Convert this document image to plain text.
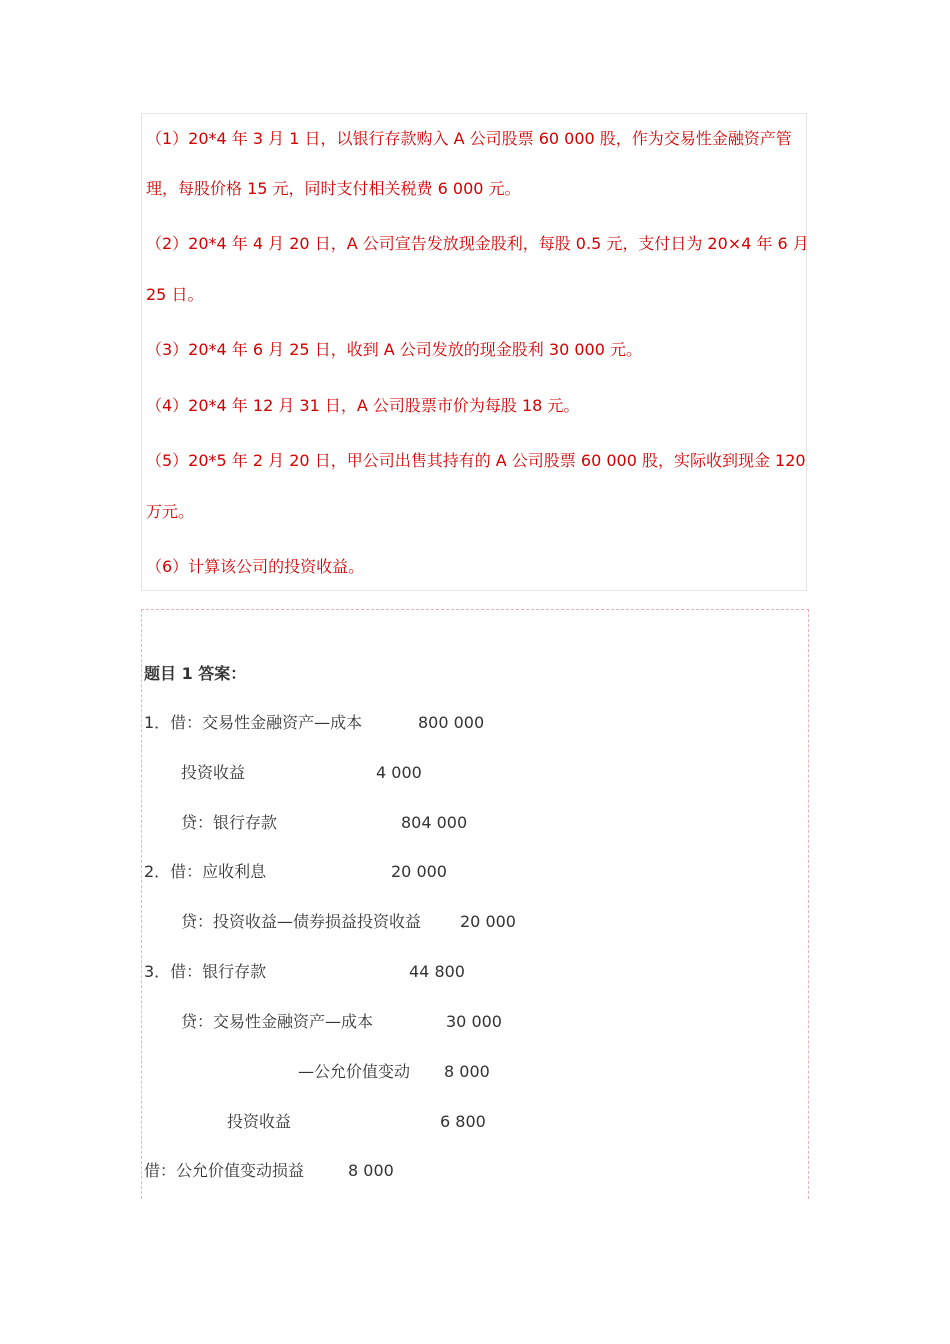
（1）20*4 年 3 月 1 日，以银行存款购入 A 公司股票 60 000 股，作为交易性金融资产管
理，每股价格 15 元，同时支付相关税费 6 000 元。
（2）20*4 年 4 月 20 日，A 公司宣告发放现金股利，每股 0.5 元，支付日为 20×4 年 6 月
25 日。
（3）20*4 年 6 月 25 日，收到 A 公司发放的现金股利 30 000 元。
（4）20*4 年 12 月 31 日，A 公司股票市价为每股 18 元。
（5）20*5 年 2 月 20 日，甲公司出售其持有的 A 公司股票 60 000 股，实际收到现金 120
万元。
（6）计算该公司的投资收益。
题目 1 答案：
1．借：交易性金融资产—成本	800 000
投资收益	4 000
贷：银行存款	804 000
2．借：应收利息	20 000
贷：投资收益—债券损益投资收益 20 000
3．借：银行存款	44 800
贷：交易性金融资产—成本	30 000
—公允价值变动 8 000
投资收益	6 800
借：公允价值变动损益	8 000
